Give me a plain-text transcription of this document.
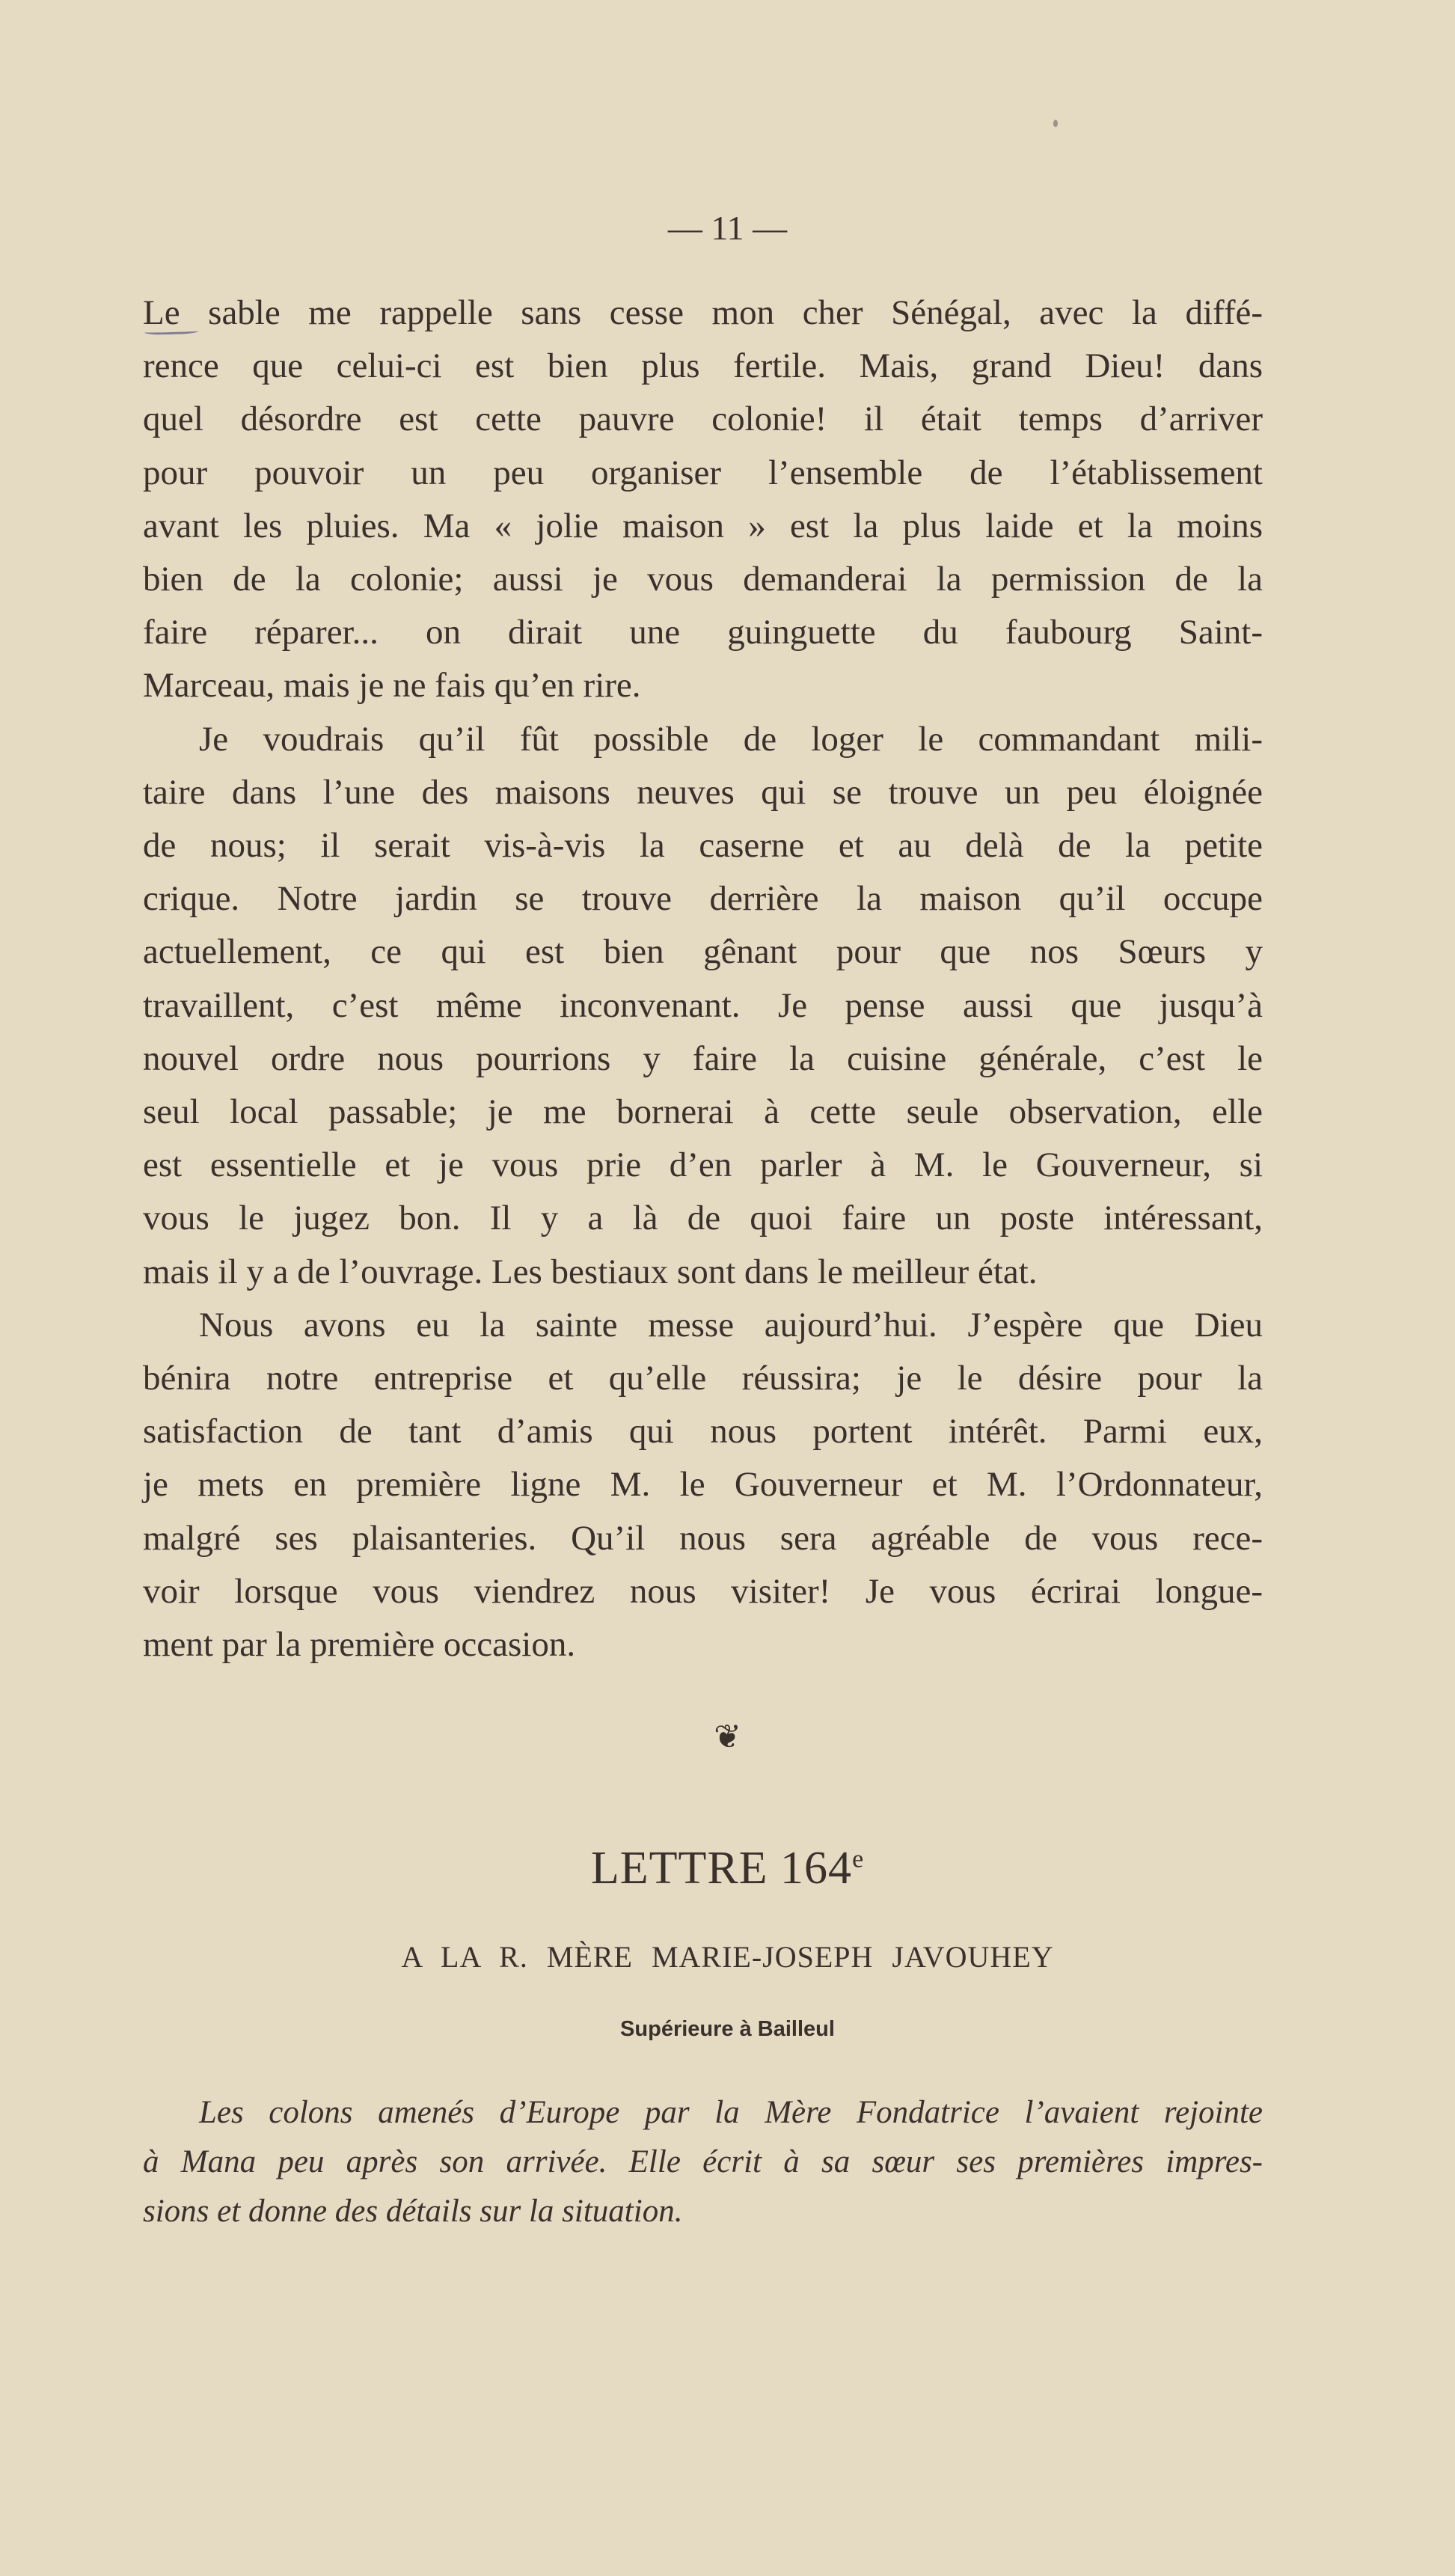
— 11 —
Le sable me rappelle sans cesse mon cher Sénégal, avec la diffé-
rence que celui-ci est bien plus fertile. Mais, grand Dieu! dans
quel désordre est cette pauvre colonie! il était temps d’arriver
pour pouvoir un peu organiser l’ensemble de l’établissement
avant les pluies. Ma « jolie maison » est la plus laide et la moins
bien de la colonie; aussi je vous demanderai la permission de la
faire réparer... on dirait une guinguette du faubourg Saint-
Marceau, mais je ne fais qu’en rire.
Je voudrais qu’il fût possible de loger le commandant mili-
taire dans l’une des maisons neuves qui se trouve un peu éloignée
de nous; il serait vis-à-vis la caserne et au delà de la petite
crique. Notre jardin se trouve derrière la maison qu’il occupe
actuellement, ce qui est bien gênant pour que nos Sœurs y
travaillent, c’est même inconvenant. Je pense aussi que jusqu’à
nouvel ordre nous pourrions y faire la cuisine générale, c’est le
seul local passable; je me bornerai à cette seule observation, elle
est essentielle et je vous prie d’en parler à M. le Gouverneur, si
vous le jugez bon. Il y a là de quoi faire un poste intéressant,
mais il y a de l’ouvrage. Les bestiaux sont dans le meilleur état.
Nous avons eu la sainte messe aujourd’hui. J’espère que Dieu
bénira notre entreprise et qu’elle réussira; je le désire pour la
satisfaction de tant d’amis qui nous portent intérêt. Parmi eux,
je mets en première ligne M. le Gouverneur et M. l’Ordonnateur,
malgré ses plaisanteries. Qu’il nous sera agréable de vous rece-
voir lorsque vous viendrez nous visiter! Je vous écrirai longue-
ment par la première occasion.
❦
LETTRE 164e
A LA R. MÈRE MARIE-JOSEPH JAVOUHEY
Supérieure à Bailleul
Les colons amenés d’Europe par la Mère Fondatrice l’avaient rejointe
à Mana peu après son arrivée. Elle écrit à sa sœur ses premières impres-
sions et donne des détails sur la situation.
